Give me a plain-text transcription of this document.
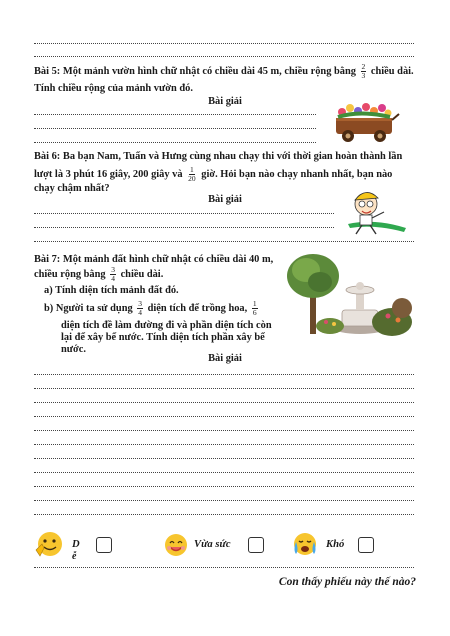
Bài 5: Một mảnh vườn hình chữ nhật có chiều dài 45 m, chiều rộng bằng $\frac{2}{3}$ chiều dài.
Tính chiều rộng của mảnh vườn đó.
Bài giải
Bài 6: Ba bạn Nam, Tuấn và Hưng cùng nhau chạy thi với thời gian hoàn thành lần
lượt là 3 phút 16 giây, 200 giây và $\frac{1}{20}$ giờ. Hỏi bạn nào chạy nhanh nhất, bạn nào
chạy chậm nhất?
Bài giải
Bài 7: Một mảnh đất hình chữ nhật có chiều dài 40 m,
chiều rộng bằng $\frac{3}{4}$ chiều dài.
a) Tính diện tích mảnh đất đó.
b) Người ta sử dụng $\frac{3}{4}$ diện tích để trồng hoa, $\frac{1}{6}$
diện tích đề làm đường đi và phần diện tích còn
lại để xây bể nước. Tính diện tích phần xây bể
nước.
Bài giải
D
ễ
Vừa sức	Khó
Con thấy phiếu này thế nào?
